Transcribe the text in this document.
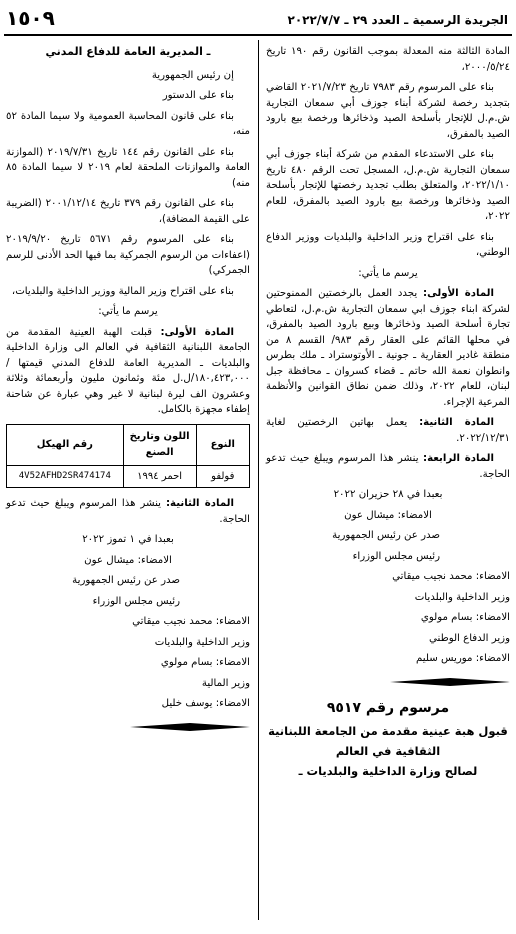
الجريدة الرسمية ـ العدد ٢٩ ـ ٢٠٢٢/٧/٧
١٥٠٩

المادة الثالثة منه المعدلة بموجب القانون رقم ١٩٠ تاريخ ٢٠٠٠/٥/٢٤،

بناء على المرسوم رقم ٧٩٨٣ تاريخ ٢٠٢١/٧/٢٣ القاضي بتجديد رخصة لشركة أبناء جوزف أبي سمعان التجارية ش.م.ل للإتجار بأسلحة الصيد وذخائرها ورخصة بيع بارود الصيد بالمفرق،

بناء على الاستدعاء المقدم من شركة أبناء جوزف أبي سمعان التجارية ش.م.ل، المسجل تحت الرقم ٤٨٠ تاريخ ٢٠٢٢/١/١٠، والمتعلق بطلب تجديد رخصتها للإتجار بأسلحة الصيد وذخائرها ورخصة بيع بارود الصيد بالمفرق، للعام ٢٠٢٢،

بناء على اقتراح وزير الداخلية والبلديات ووزير الدفاع الوطني،

يرسم ما يأتي:

المادة الأولى: يجدد العمل بالرخصتين الممنوحتين لشركة ابناء جوزف ابي سمعان التجارية ش.م.ل، لتعاطي تجارة أسلحة الصيد وذخائرها وبيع بارود الصيد بالمفرق، في محلها القائم على العقار رقم ٩٨٣/ القسم ٨ من منطقة غادير العقارية ـ جونية ـ الأوتوستراد ـ ملك بطرس وانطوان نعمة الله حاتم ـ قضاء كسروان ـ محافظة جبل لبنان، للعام ٢٠٢٢، وذلك ضمن نطاق القوانين والأنظمة المرعية الإجراء.

المادة الثانية: يعمل بهاتين الرخصتين لغاية ٢٠٢٢/١٢/٣١.

المادة الرابعة: ينشر هذا المرسوم ويبلغ حيث تدعو الحاجة.

بعبدا في ٢٨ حزيران ٢٠٢٢

الامضاء: ميشال عون

صدر عن رئيس الجمهورية

رئيس مجلس الوزراء

الامضاء: محمد نجيب ميقاتي

وزير الداخلية والبلديات

الامضاء: بسام مولوي

وزير الدفاع الوطني

الامضاء: موريس سليم

مرسوم رقم ٩٥١٧
قبول هبة عينية مقدمة من الجامعة اللبنانية
الثقافية في العالم
لصالح وزارة الداخلية والبلديات ـ
ـ المديرية العامة للدفاع المدني

إن رئيس الجمهورية

بناء على الدستور

بناء على قانون المحاسبة العمومية ولا سيما المادة ٥٢ منه،

بناء على القانون رقم ١٤٤ تاريخ ٢٠١٩/٧/٣١ (الموازنة العامة والموازنات الملحقة لعام ٢٠١٩ لا سيما المادة ٨٥ منه)

بناء على القانون رقم ٣٧٩ تاريخ ٢٠٠١/١٢/١٤ (الضريبة على القيمة المضافة)،

بناء على المرسوم رقم ٥٦٧١ تاريخ ٢٠١٩/٩/٢٠ (اعفاءات من الرسوم الجمركية بما فيها الحد الأدنى للرسم الجمركي)

بناء على اقتراح وزير المالية ووزير الداخلية والبلديات،

يرسم ما يأتي:

المادة الأولى: قبلت الهبة العينية المقدمة من الجامعة اللبنانية الثقافية في العالم الى وزارة الداخلية والبلديات ـ المديرية العامة للدفاع المدني قيمتها /١٨٠,٤٢٣,٠٠٠/ل.ل مئة وثمانون مليون وأربعمائة وثلاثة وعشرون الف ليرة لبنانية لا غير وهي عبارة عن شاحنة إطفاء مجهزة بالكامل.

النوع	اللون وتاريخ الصنع	رقم الهيكل
فولفو	احمر ١٩٩٤	4V52AFHD2SR474174

المادة الثانية: ينشر هذا المرسوم ويبلغ حيث تدعو الحاجة.

بعبدا في ١ تموز ٢٠٢٢

الامضاء: ميشال عون

صدر عن رئيس الجمهورية

رئيس مجلس الوزراء

الامضاء: محمد نجيب ميقاتي

وزير الداخلية والبلديات

الامضاء: بسام مولوي

وزير المالية

الامضاء: يوسف خليل
